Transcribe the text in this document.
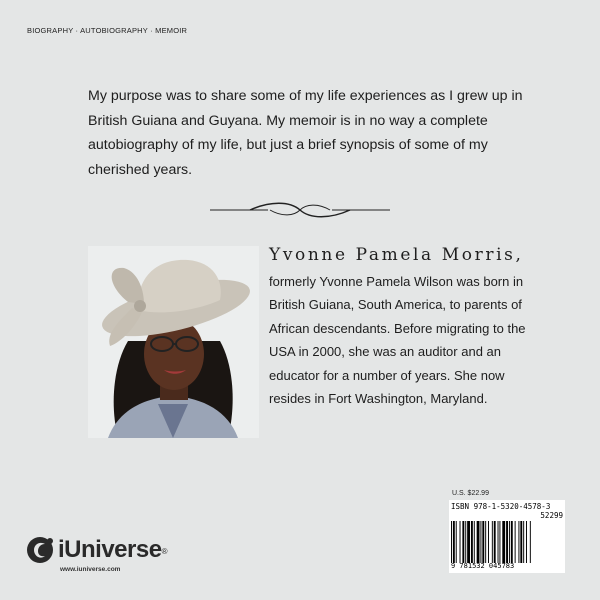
BIOGRAPHY · AUTOBIOGRAPHY · MEMOIR
My purpose was to share some of my life experiences as I grew up in British Guiana and Guyana. My memoir is in no way a complete autobiography of my life, but just a brief synopsis of some of my cherished years.
Yvonne Pamela Morris,
formerly Yvonne Pamela Wilson was born in British Guiana, South America, to parents of African descendants. Before migrating to the USA in 2000, she was an auditor and an educator for a number of years. She now resides in Fort Washington, Maryland.
U.S. $22.99
ISBN 978-1-5320-4578-3
52299
9 781532 045783
iUniverse®
www.iuniverse.com
